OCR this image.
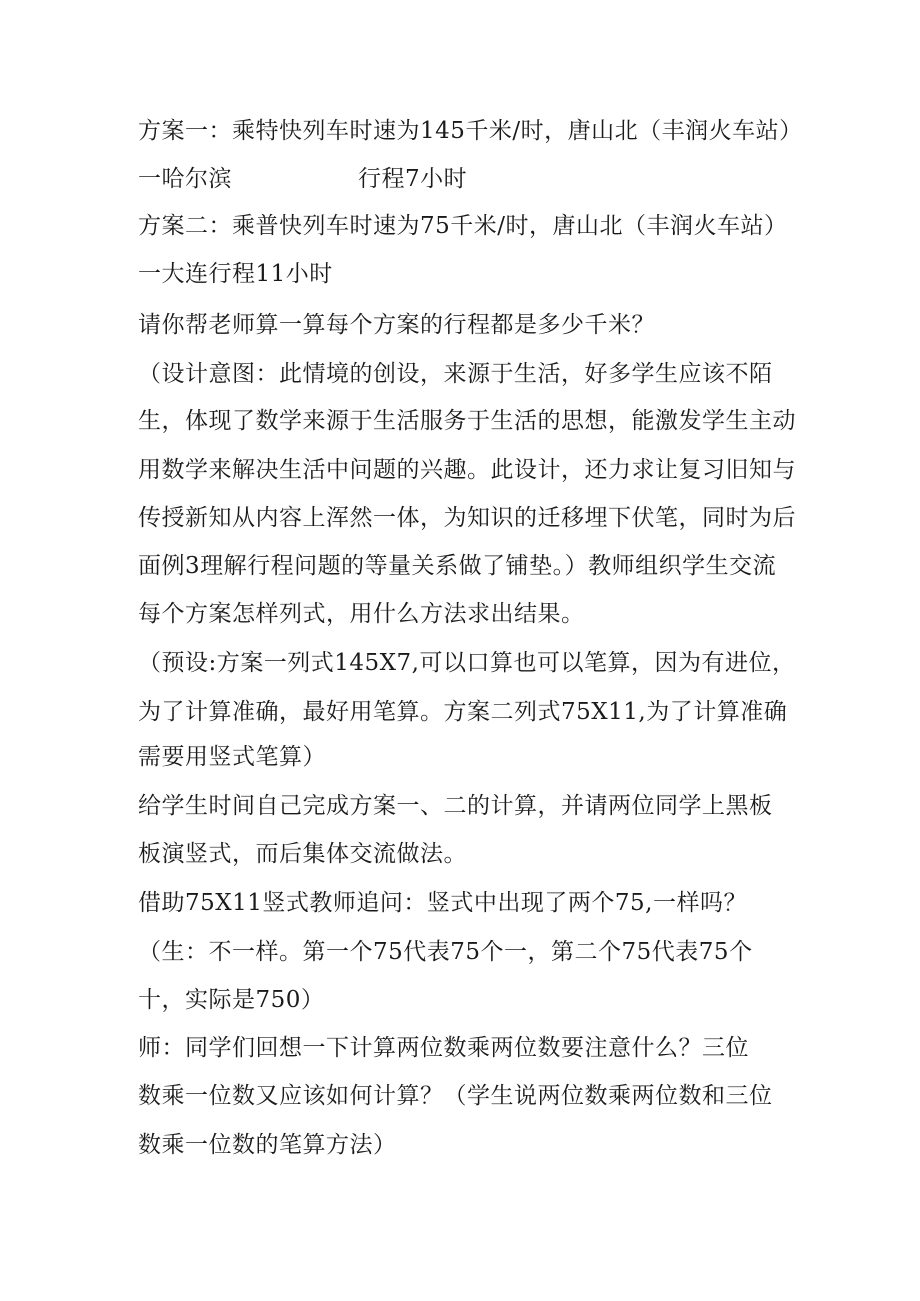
方案一：乘特快列车时速为145千米/时，唐山北（丰润火车站）
一哈尔滨	行程7小时
方案二：乘普快列车时速为75千米/时，唐山北（丰润火车站）
一大连行程11小时
请你帮老师算一算每个方案的行程都是多少千米？
（设计意图：此情境的创设，来源于生活，好多学生应该不陌
生，体现了数学来源于生活服务于生活的思想，能激发学生主动
用数学来解决生活中问题的兴趣。此设计，还力求让复习旧知与
传授新知从内容上浑然一体，为知识的迁移埋下伏笔，同时为后
面例3理解行程问题的等量关系做了铺垫。）教师组织学生交流
每个方案怎样列式，用什么方法求出结果。
（预设:方案一列式145X7,可以口算也可以笔算，因为有进位，
为了计算准确，最好用笔算。方案二列式75X11,为了计算准确
需要用竖式笔算）
给学生时间自己完成方案一、二的计算，并请两位同学上黑板
板演竖式，而后集体交流做法。
借助75X11竖式教师追问：竖式中出现了两个75,一样吗？
（生：不一样。第一个75代表75个一，第二个75代表75个
十，实际是750）
师：同学们回想一下计算两位数乘两位数要注意什么？三位
数乘一位数又应该如何计算？（学生说两位数乘两位数和三位
数乘一位数的笔算方法）
